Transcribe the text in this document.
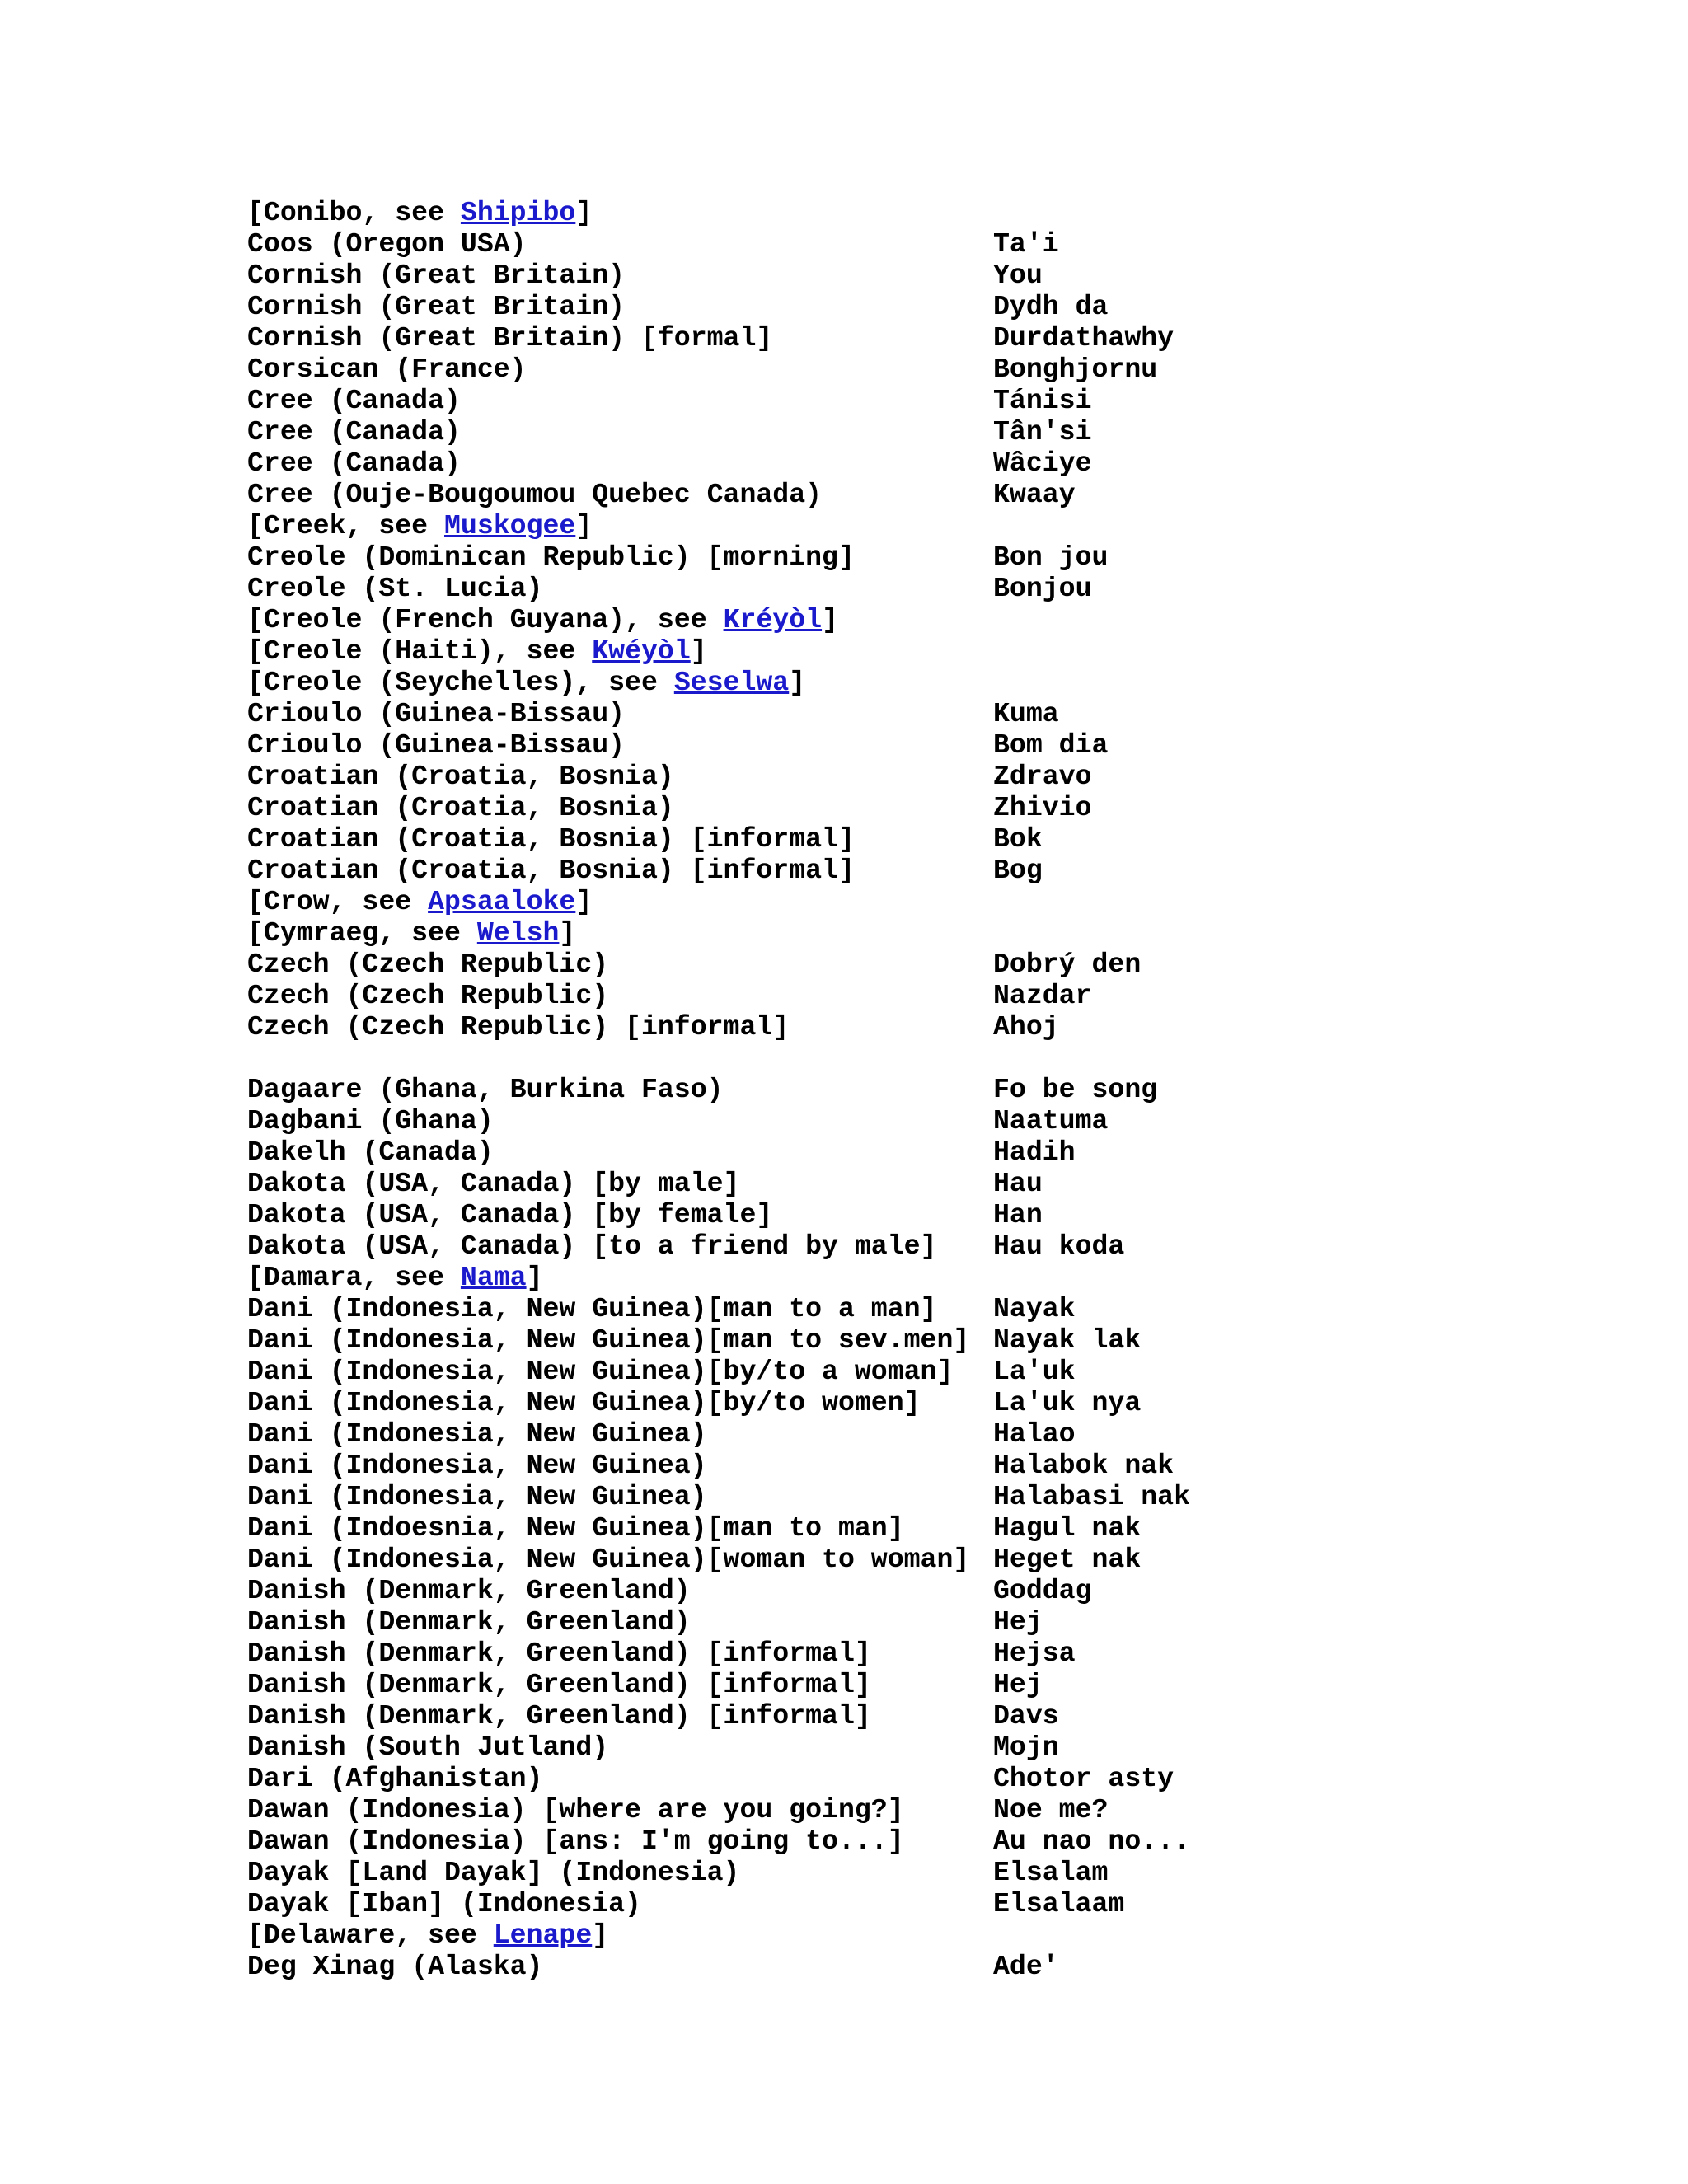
[Conibo, see Shipibo ]
Coos (Oregon USA)	Ta'i
Cornish (Great Britain)	You
Cornish (Great Britain)	Dydh da
Cornish (Great Britain) [formal]	Durdathawhy
Corsican (France)	Bonghjornu
Cree (Canada)	Tánisi
Cree (Canada)	Tân'si
Cree (Canada)	Wâciye
Cree (Ouje-Bougoumou Quebec Canada)	Kwaay
[Creek, see Muskogee ]
Creole (Dominican Republic) [morning]	Bon jou
Creole (St. Lucia)	Bonjou
[Creole (French Guyana), see Kréyòl ]
[Creole (Haiti), see Kwéyòl ]
[Creole (Seychelles), see Seselwa ]
Crioulo (Guinea-Bissau)	Kuma
Crioulo (Guinea-Bissau)	Bom dia
Croatian (Croatia, Bosnia)	Zdravo
Croatian (Croatia, Bosnia)	Zhivio
Croatian (Croatia, Bosnia) [informal]	Bok
Croatian (Croatia, Bosnia) [informal]	Bog
[Crow, see Apsaaloke ]
[Cymraeg, see Welsh ]
Czech (Czech Republic)	Dobrý den
Czech (Czech Republic)	Nazdar
Czech (Czech Republic) [informal]	Ahoj
Dagaare (Ghana, Burkina Faso)	Fo be song
Dagbani (Ghana)	Naatuma
Dakelh (Canada)	Hadih
Dakota (USA, Canada) [by male]	Hau
Dakota (USA, Canada) [by female]	Han
Dakota (USA, Canada) [to a friend by male]	Hau koda
[Damara, see Nama ]
Dani (Indonesia, New Guinea)[man to a man]	Nayak
Dani (Indonesia, New Guinea)[man to sev.men] Nayak lak
Dani (Indonesia, New Guinea)[by/to a woman]	La'uk
Dani (Indonesia, New Guinea)[by/to women]	La'uk nya
Dani (Indonesia, New Guinea)	Halao
Dani (Indonesia, New Guinea)	Halabok nak
Dani (Indonesia, New Guinea)	Halabasi nak
Dani (Indoesnia, New Guinea)[man to man]	Hagul nak
Dani (Indonesia, New Guinea)[woman to woman] Heget nak
Danish (Denmark, Greenland)	Goddag
Danish (Denmark, Greenland)	Hej
Danish (Denmark, Greenland) [informal]	Hejsa
Danish (Denmark, Greenland) [informal]	Hej
Danish (Denmark, Greenland) [informal]	Davs
Danish (South Jutland)	Mojn
Dari (Afghanistan)	Chotor asty
Dawan (Indonesia) [where are you going?]	Noe me?
Dawan (Indonesia) [ans: I'm going to...]	Au nao no...
Dayak [Land Dayak] (Indonesia)	Elsalam
Dayak [Iban] (Indonesia)	Elsalaam
[Delaware, see Lenape ]
Deg Xinag (Alaska)	Ade'
